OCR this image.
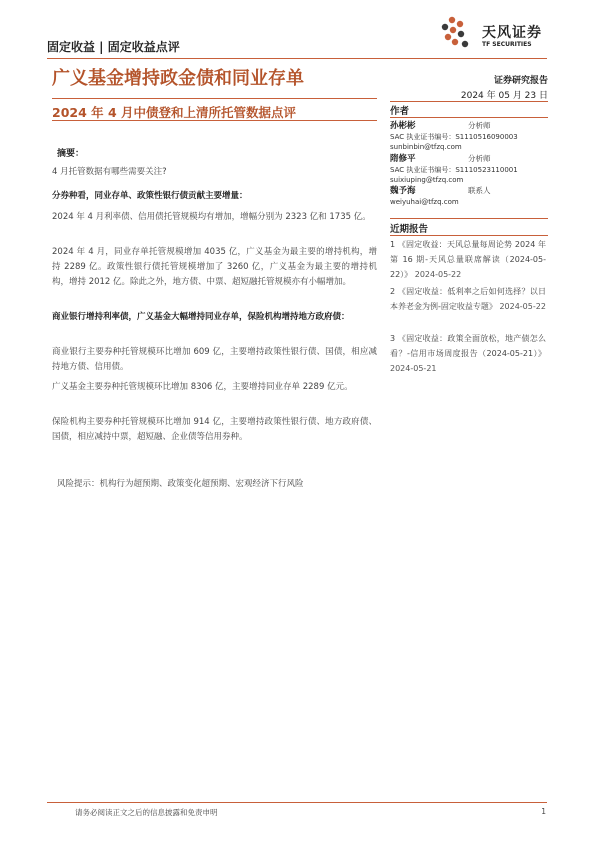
固定收益 | 固定收益点评
天风证券
TF SECURITIES
广义基金增持政金债和同业存单	证券研究报告
2024 年 05 月 23 日
2024 年 4 月中债登和上清所托管数据点评
摘要：
4 月托管数据有哪些需要关注?
分券种看，同业存单、政策性银行债贡献主要增量：
2024 年 4 月利率债、信用债托管规模均有增加，增幅分别为 2323 亿和 1735 亿。
2024 年 4 月，同业存单托管规模增加 4035 亿，广义基金为最主要的增持机构，增持 2289 亿。政策性银行债托管规模增加了 3260 亿，广义基金为最主要的增持机构，增持 2012 亿。除此之外，地方债、中票、超短融托管规模亦有小幅增加。
商业银行增持利率债，广义基金大幅增持同业存单，保险机构增持地方政府债：
商业银行主要券种托管规模环比增加 609 亿，主要增持政策性银行债、国债，相应减持地方债、信用债。
广义基金主要券种托管规模环比增加 8306 亿，主要增持同业存单 2289 亿元。
保险机构主要券种托管规模环比增加 914 亿，主要增持政策性银行债、地方政府债、国债，相应减持中票，超短融、企业债等信用券种。
风险提示：机构行为超预期、政策变化超预期、宏观经济下行风险
作者
孙彬彬	分析师
SAC 执业证书编号：S1110516090003
sunbinbin@tfzq.com
隋修平	分析师
SAC 执业证书编号：S1110523110001
suixiuping@tfzq.com
魏予海	联系人
weiyuhai@tfzq.com
近期报告
1 《固定收益：天风总量每周论势 2024 年第 16 期-天风总量联席解读（2024-05-22）》 2024-05-22
2 《固定收益：低利率之后如何选择？以日本养老金为例-固定收益专题》 2024-05-22
3 《固定收益：政策全面放松，地产债怎么看？-信用市场周度报告（2024-05-21）》 2024-05-21
请务必阅读正文之后的信息披露和免责申明	1
